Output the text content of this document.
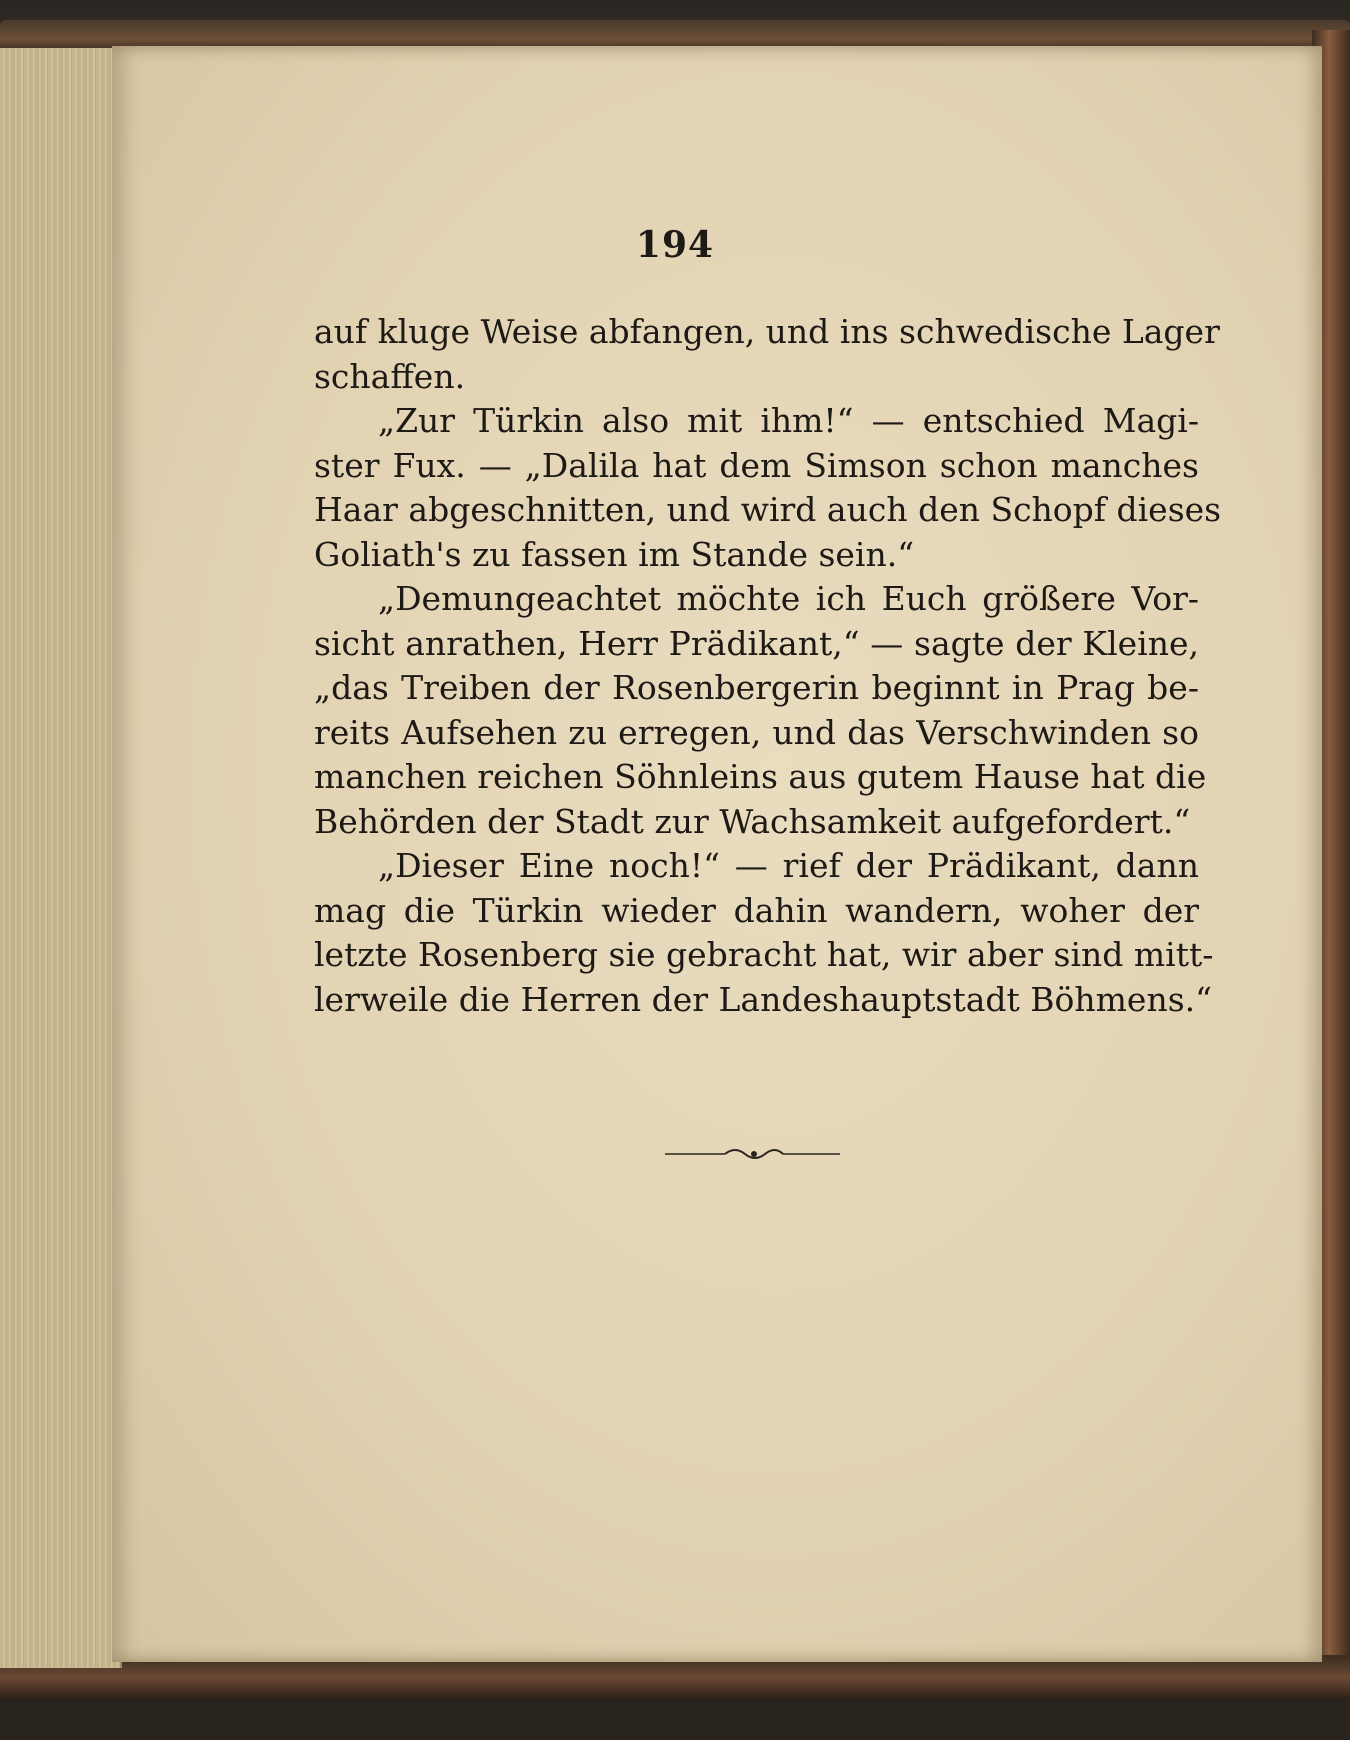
194
auf kluge Weise abfangen, und ins schwedische Lager
schaffen.
„Zur Türkin also mit ihm!“ — entschied Magi-
ster Fux. — „Dalila hat dem Simson schon manches
Haar abgeschnitten, und wird auch den Schopf dieses
Goliath's zu fassen im Stande sein.“
„Demungeachtet möchte ich Euch größere Vor-
sicht anrathen, Herr Prädikant,“ — sagte der Kleine,
„das Treiben der Rosenbergerin beginnt in Prag be-
reits Aufsehen zu erregen, und das Verschwinden so
manchen reichen Söhnleins aus gutem Hause hat die
Behörden der Stadt zur Wachsamkeit aufgefordert.“
„Dieser Eine noch!“ — rief der Prädikant, dann
mag die Türkin wieder dahin wandern, woher der
letzte Rosenberg sie gebracht hat, wir aber sind mitt-
lerweile die Herren der Landeshauptstadt Böhmens.“
